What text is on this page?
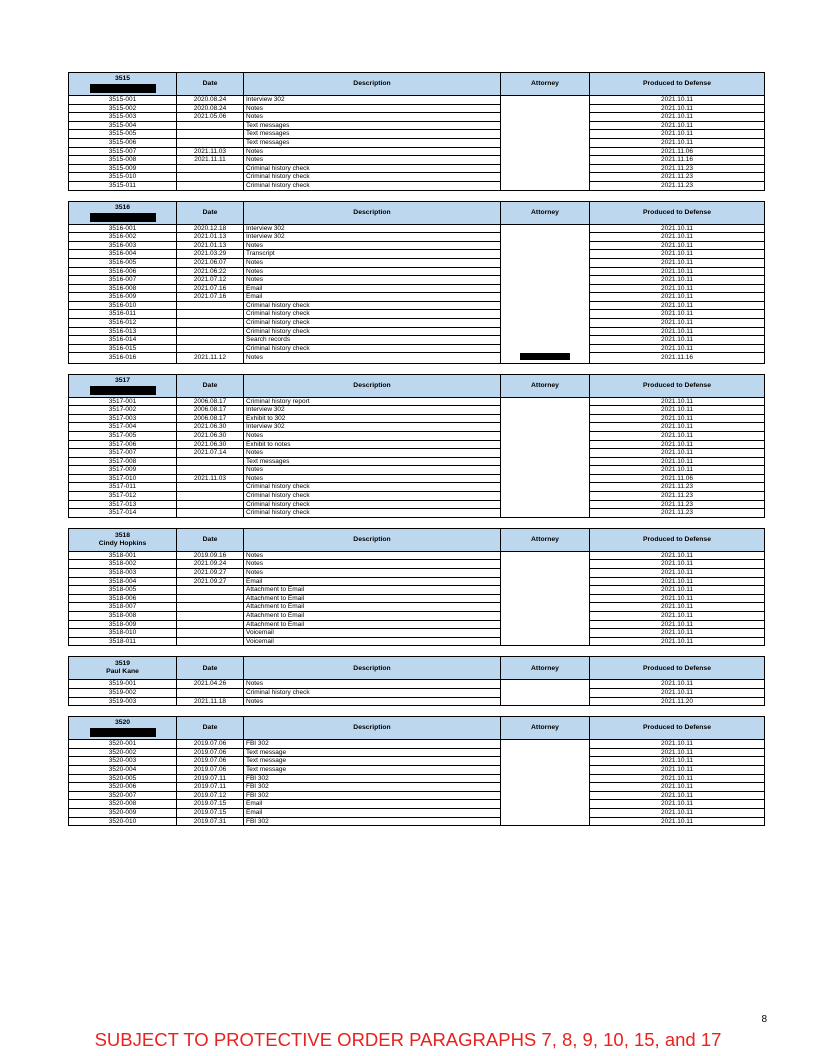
3515	Date	Description	Attorney	Produced to Defense
3515-001	2020.08.24	Interview 302		2021.10.11
3515-002	2020.08.24	Notes		2021.10.11
3515-003	2021.05.06	Notes		2021.10.11
3515-004		Text messages		2021.10.11
3515-005		Text messages		2021.10.11
3515-006		Text messages		2021.10.11
3515-007	2021.11.03	Notes		2021.11.06
3515-008	2021.11.11	Notes		2021.11.16
3515-009		Criminal history check		2021.11.23
3515-010		Criminal history check		2021.11.23
3515-011		Criminal history check		2021.11.23
3516	Date	Description	Attorney	Produced to Defense
3516-001	2020.12.18	Interview 302		2021.10.11
3516-002	2021.01.13	Interview 302		2021.10.11
3516-003	2021.01.13	Notes		2021.10.11
3516-004	2021.03.29	Transcript		2021.10.11
3516-005	2021.06.07	Notes		2021.10.11
3516-006	2021.06.22	Notes		2021.10.11
3516-007	2021.07.12	Notes		2021.10.11
3516-008	2021.07.16	Email		2021.10.11
3516-009	2021.07.16	Email		2021.10.11
3516-010		Criminal history check		2021.10.11
3516-011		Criminal history check		2021.10.11
3516-012		Criminal history check		2021.10.11
3516-013		Criminal history check		2021.10.11
3516-014		Search records		2021.10.11
3516-015		Criminal history check		2021.10.11
3516-016	2021.11.12	Notes		2021.11.16
3517	Date	Description	Attorney	Produced to Defense
3517-001	2006.08.17	Criminal history report		2021.10.11
3517-002	2006.08.17	Interview 302		2021.10.11
3517-003	2006.08.17	Exhibit to 302		2021.10.11
3517-004	2021.06.30	Interview 302		2021.10.11
3517-005	2021.06.30	Notes		2021.10.11
3517-006	2021.06.30	Exhibit to notes		2021.10.11
3517-007	2021.07.14	Notes		2021.10.11
3517-008		Text messages		2021.10.11
3517-009		Notes		2021.10.11
3517-010	2021.11.03	Notes		2021.11.06
3517-011		Criminal history check		2021.11.23
3517-012		Criminal history check		2021.11.23
3517-013		Criminal history check		2021.11.23
3517-014		Criminal history check		2021.11.23
3518
Cindy Hopkins	Date	Description	Attorney	Produced to Defense
3518-001	2019.09.16	Notes		2021.10.11
3518-002	2021.09.24	Notes		2021.10.11
3518-003	2021.09.27	Notes		2021.10.11
3518-004	2021.09.27	Email		2021.10.11
3518-005		Attachment to Email		2021.10.11
3518-006		Attachment to Email		2021.10.11
3518-007		Attachment to Email		2021.10.11
3518-008		Attachment to Email		2021.10.11
3518-009		Attachment to Email		2021.10.11
3518-010		Voicemail		2021.10.11
3518-011		Voicemail		2021.10.11
3519
Paul Kane	Date	Description	Attorney	Produced to Defense
3519-001	2021.04.26	Notes		2021.10.11
3519-002		Criminal history check		2021.10.11
3519-003	2021.11.18	Notes		2021.11.20
3520	Date	Description	Attorney	Produced to Defense
3520-001	2019.07.06	FBI 302		2021.10.11
3520-002	2019.07.06	Text message		2021.10.11
3520-003	2019.07.06	Text message		2021.10.11
3520-004	2019.07.06	Text message		2021.10.11
3520-005	2019.07.11	FBI 302		2021.10.11
3520-006	2019.07.11	FBI 302		2021.10.11
3520-007	2019.07.12	FBI 302		2021.10.11
3520-008	2019.07.15	Email		2021.10.11
3520-009	2019.07.15	Email		2021.10.11
3520-010	2019.07.31	FBI 302		2021.10.11
8
SUBJECT TO PROTECTIVE ORDER PARAGRAPHS 7, 8, 9, 10, 15, and 17
